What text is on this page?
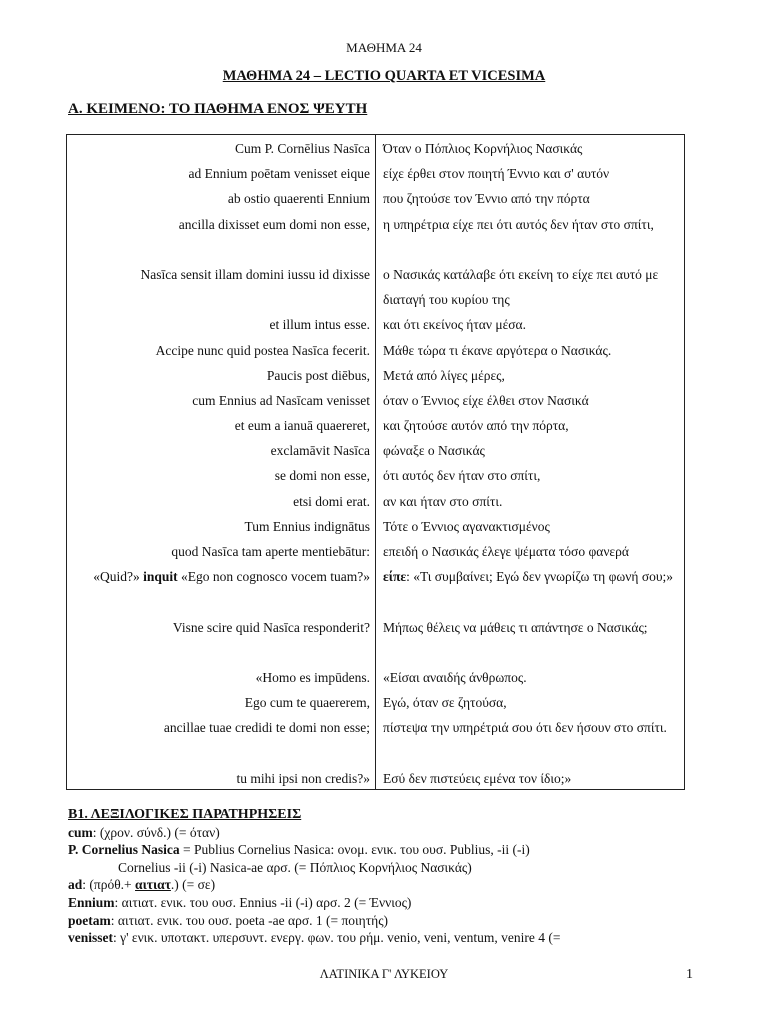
ΜΑΘΗΜΑ 24
ΜΑΘΗΜΑ 24 – LECTIO QUARTA ET VICESIMA
Α. ΚΕΙΜΕΝΟ: ΤΟ ΠΑΘΗΜΑ ΕΝΟΣ ΨΕΥΤΗ
Cum P. Cornēlius Nasīca
ad Ennium poētam venisset eique
ab ostio quaerenti Ennium
ancilla dixisset eum domi non esse,
Nasīca sensit illam domini iussu id dixisse
et illum intus esse.
Accipe nunc quid postea Nasīca fecerit.
Paucis post diēbus,
cum Ennius ad Nasīcam venisset
et eum a ianuā quaereret,
exclamāvit Nasīca
se domi non esse,
etsi domi erat.
Tum Ennius indignātus
quod Nasīca tam aperte mentiebātur:
«Quid?» inquit «Ego non cognosco vocem tuam?»
Visne scire quid Nasīca responderit?
«Homo es impūdens.
Ego cum te quaererem,
ancillae tuae credidi te domi non esse;
tu mihi ipsi non credis?»
Όταν ο Πόπλιος Κορνήλιος Νασικάς
είχε έρθει στον ποιητή Έννιο και σ' αυτόν
που ζητούσε τον Έννιο από την πόρτα
η υπηρέτρια είχε πει ότι αυτός δεν ήταν στο σπίτι,
ο Νασικάς κατάλαβε ότι εκείνη το είχε πει αυτό με διαταγή του κυρίου της
και ότι εκείνος ήταν μέσα.
Μάθε τώρα τι έκανε αργότερα ο Νασικάς.
Μετά από λίγες μέρες,
όταν ο Έννιος είχε έλθει στον Νασικά
και ζητούσε αυτόν από την πόρτα,
φώναξε ο Νασικάς
ότι αυτός δεν ήταν στο σπίτι,
αν και ήταν στο σπίτι.
Τότε ο Έννιος αγανακτισμένος
επειδή ο Νασικάς έλεγε ψέματα τόσο φανερά
είπε: «Τι συμβαίνει; Εγώ δεν γνωρίζω τη φωνή σου;»
Μήπως θέλεις να μάθεις τι απάντησε ο Νασικάς;
«Είσαι αναιδής άνθρωπος.
Εγώ, όταν σε ζητούσα,
πίστεψα την υπηρέτριά σου ότι δεν ήσουν στο σπίτι.
Εσύ δεν πιστεύεις εμένα τον ίδιο;»
Β1. ΛΕΞΙΛΟΓΙΚΕΣ ΠΑΡΑΤΗΡΗΣΕΙΣ
cum: (χρον. σύνδ.) (= όταν)
P. Cornelius Nasica = Publius Cornelius Nasica: ονομ. ενικ. του ουσ. Publius, -ii (-i)
Cornelius -ii (-i) Nasica-ae αρσ. (= Πόπλιος Κορνήλιος Νασικάς)
ad: (πρόθ.+ αιτιατ.) (= σε)
Ennium: αιτιατ. ενικ. του ουσ. Ennius -ii (-i) αρσ. 2 (= Έννιος)
poetam: αιτιατ. ενικ. του ουσ. poeta -ae αρσ. 1 (= ποιητής)
venisset: γ' ενικ. υποτακτ. υπερσυντ. ενεργ. φων. του ρήμ. venio, veni, ventum, venire 4 (=
ΛΑΤΙΝΙΚΑ Γ' ΛΥΚΕΙΟΥ	1
